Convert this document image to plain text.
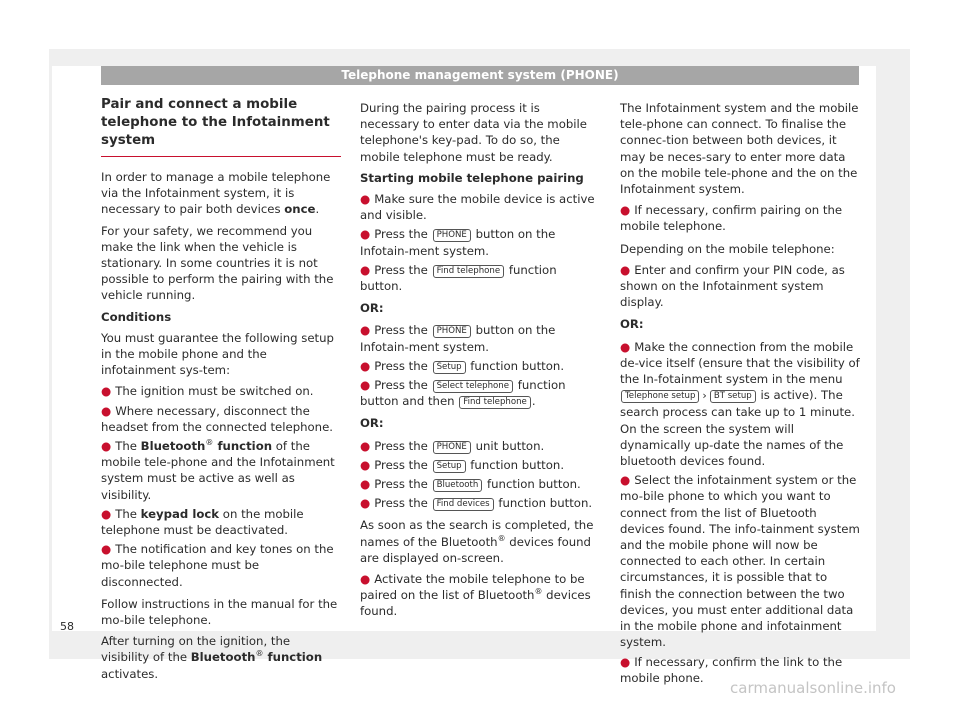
Telephone management system (PHONE)
Pair and connect a mobile telephone to the Infotainment system

In order to manage a mobile telephone via the Infotainment system, it is necessary to pair both devices once.

For your safety, we recommend you make the link when the vehicle is stationary. In some countries it is not possible to perform the pairing with the vehicle running.

Conditions

You must guarantee the following setup in the mobile phone and the infotainment sys-tem:

● The ignition must be switched on.

● Where necessary, disconnect the headset from the connected telephone.

● The Bluetooth® function of the mobile tele-phone and the Infotainment system must be active as well as visibility.

● The keypad lock on the mobile telephone must be deactivated.

● The notification and key tones on the mo-bile telephone must be disconnected.

Follow instructions in the manual for the mo-bile telephone.

After turning on the ignition, the visibility of the Bluetooth® function activates.

During the pairing process it is necessary to enter data via the mobile telephone's key-pad. To do so, the mobile telephone must be ready.

Starting mobile telephone pairing

● Make sure the mobile device is active and visible.

● Press the PHONE button on the Infotain-ment system.

● Press the Find telephone function button.

OR:

● Press the PHONE button on the Infotain-ment system.

● Press the Setup function button.

● Press the Select telephone function button and then Find telephone .

OR:

● Press the PHONE unit button.

● Press the Setup function button.

● Press the Bluetooth function button.

● Press the Find devices function button.

As soon as the search is completed, the names of the Bluetooth® devices found are displayed on-screen.

● Activate the mobile telephone to be paired on the list of Bluetooth® devices found.

The Infotainment system and the mobile tele-phone can connect. To finalise the connec-tion between both devices, it may be neces-sary to enter more data on the mobile tele-phone and the on the Infotainment system.

● If necessary, confirm pairing on the mobile telephone.

Depending on the mobile telephone:

● Enter and confirm your PIN code, as shown on the Infotainment system display.

OR:

● Make the connection from the mobile de-vice itself (ensure that the visibility of the In-fotainment system in the menu Telephone setup › BT setup is active). The search process can take up to 1 minute. On the screen the system will dynamically up-date the names of the bluetooth devices found.

● Select the infotainment system or the mo-bile phone to which you want to connect from the list of Bluetooth devices found. The info-tainment system and the mobile phone will now be connected to each other. In certain circumstances, it is possible that to finish the connection between the two devices, you must enter additional data in the mobile phone and infotainment system.

● If necessary, confirm the link to the mobile phone.

58
carmanualsonline.info
